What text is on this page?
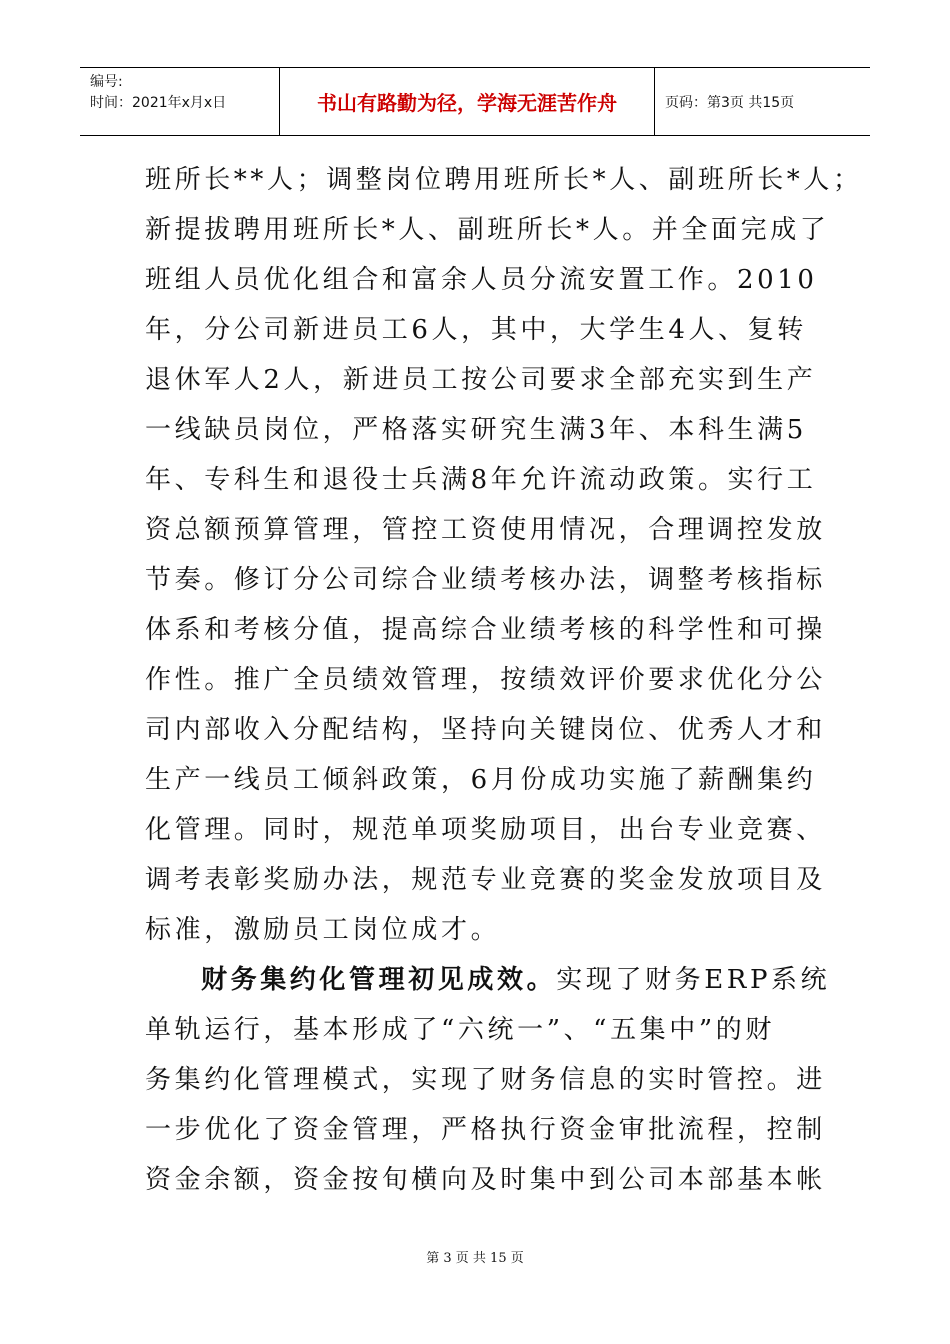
编号:
时间：2021年x月x日	书山有路勤为径，学海无涯苦作舟	页码：第3页 共15页
班所长**人；调整岗位聘用班所长*人、副班所长*人；
新提拔聘用班所长*人、副班所长*人。并全面完成了
班组人员优化组合和富余人员分流安置工作。2010
年，分公司新进员工6人，其中，大学生4人、复转
退休军人2人，新进员工按公司要求全部充实到生产
一线缺员岗位，严格落实研究生满3年、本科生满5
年、专科生和退役士兵满8年允许流动政策。实行工
资总额预算管理，管控工资使用情况，合理调控发放
节奏。修订分公司综合业绩考核办法，调整考核指标
体系和考核分值，提高综合业绩考核的科学性和可操
作性。推广全员绩效管理，按绩效评价要求优化分公
司内部收入分配结构，坚持向关键岗位、优秀人才和
生产一线员工倾斜政策，6月份成功实施了薪酬集约
化管理。同时，规范单项奖励项目，出台专业竞赛、
调考表彰奖励办法，规范专业竞赛的奖金发放项目及
标准，激励员工岗位成才。
财务集约化管理初见成效。实现了财务ERP系统
单轨运行，基本形成了“六统一”、“五集中”的财
务集约化管理模式，实现了财务信息的实时管控。进
一步优化了资金管理，严格执行资金审批流程，控制
资金余额，资金按旬横向及时集中到公司本部基本帐
第 3 页 共 15 页
